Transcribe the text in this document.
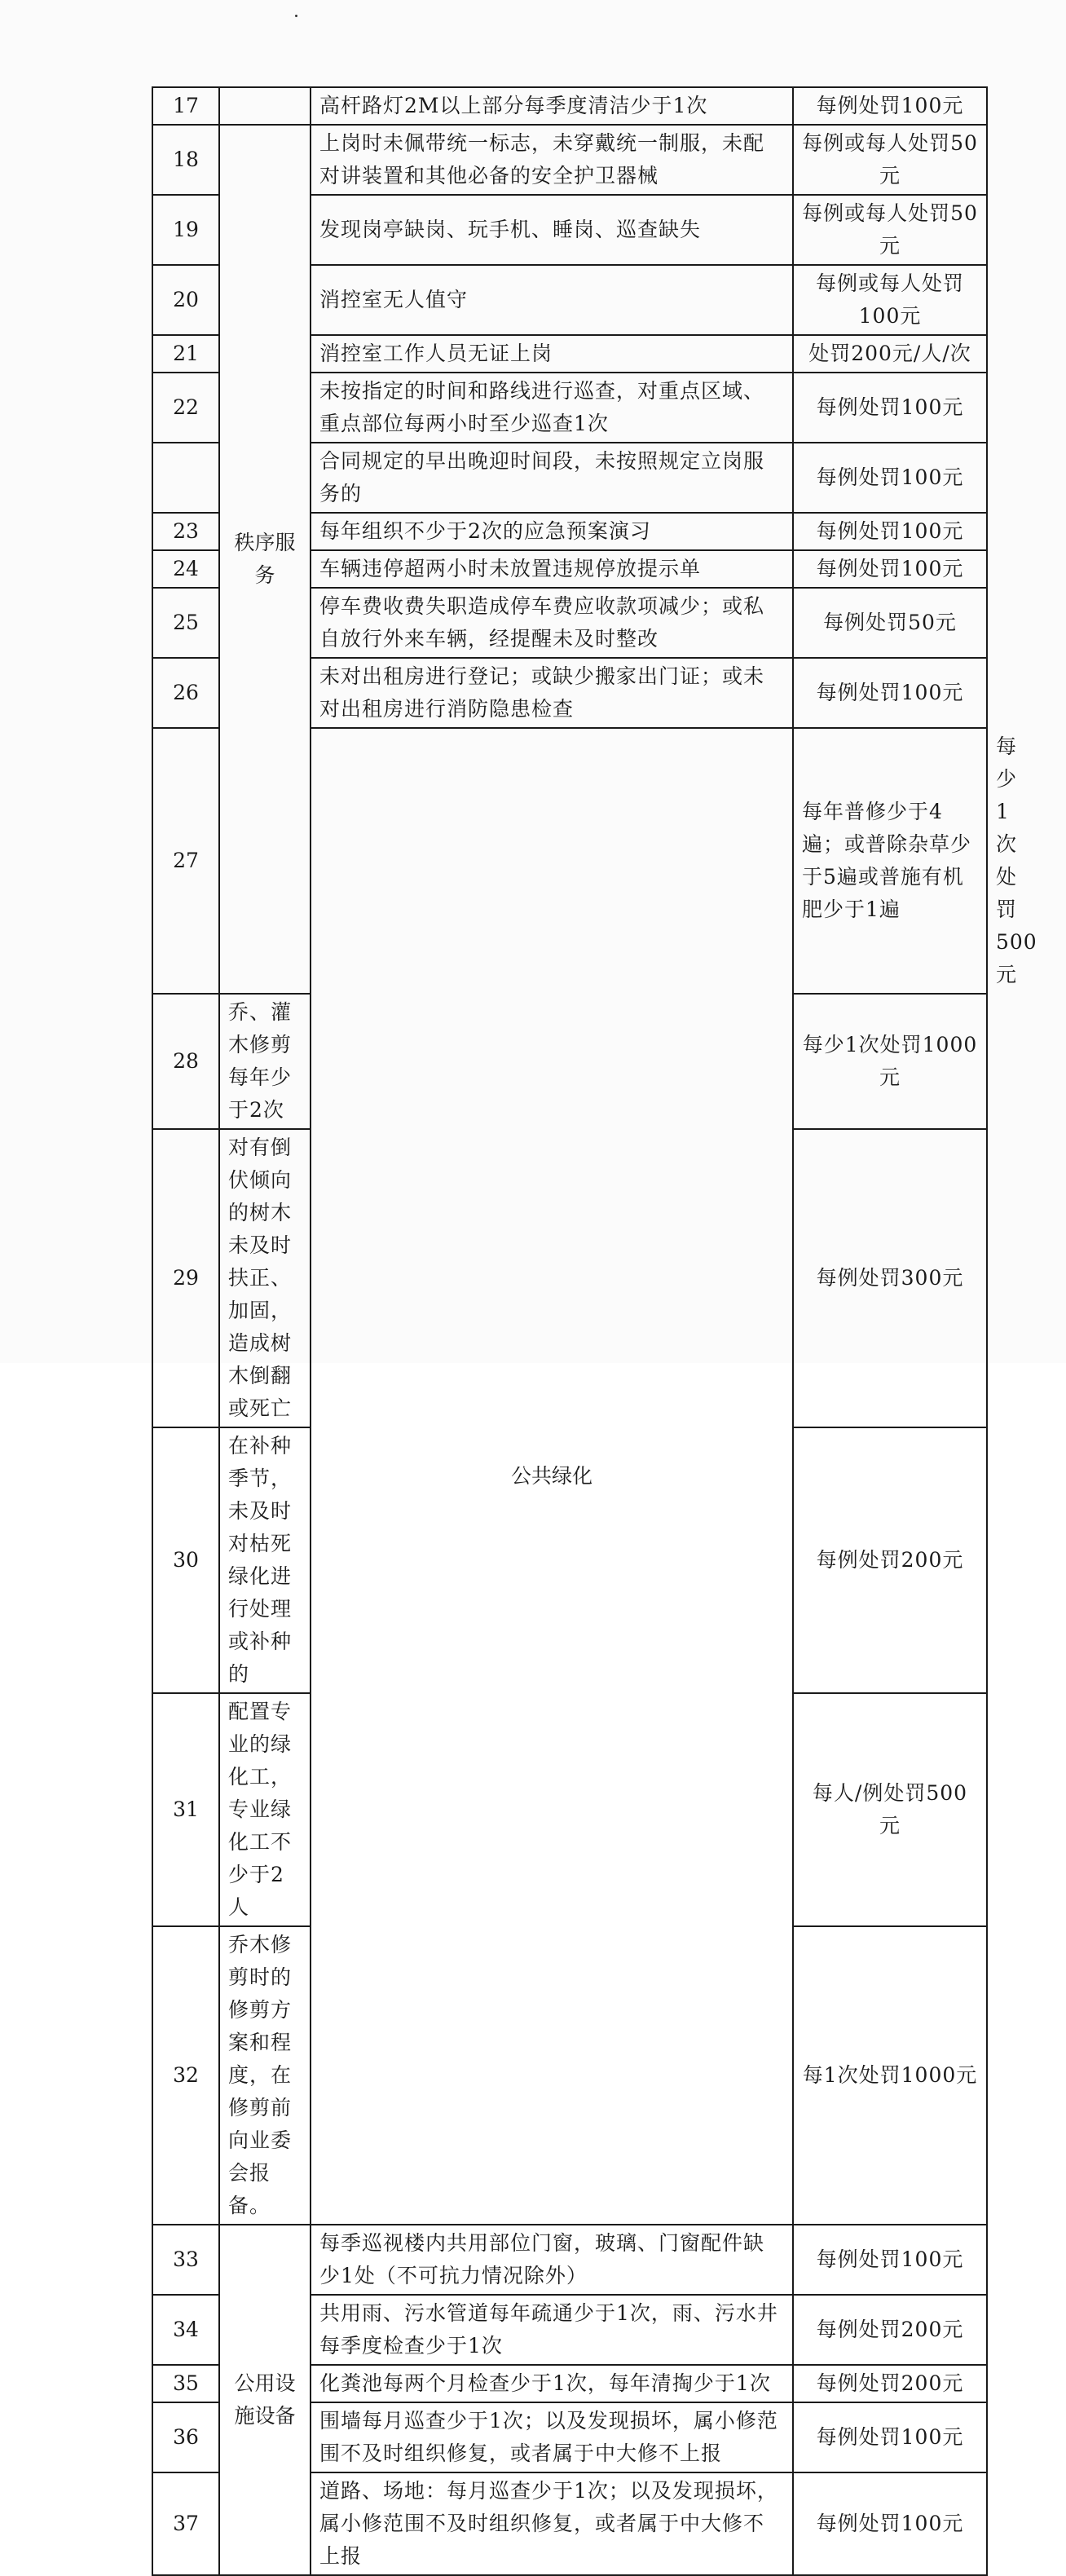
17		高杆路灯2M以上部分每季度清洁少于1次	每例处罚100元	
18	秩序服务	上岗时未佩带统一标志，未穿戴统一制服，未配对讲装置和其他必备的安全护卫器械	每例或每人处罚50元	
19		发现岗亭缺岗、玩手机、睡岗、巡查缺失	每例或每人处罚50元	
20		消控室无人值守	每例或每人处罚100元	
21		消控室工作人员无证上岗	处罚200元/人/次	
22		未按指定的时间和路线进行巡查，对重点区域、重点部位每两小时至少巡查1次	每例处罚100元	
		合同规定的早出晚迎时间段，未按照规定立岗服务的	每例处罚100元	
23		每年组织不少于2次的应急预案演习	每例处罚100元	
24		车辆违停超两小时未放置违规停放提示单	每例处罚100元	
25		停车费收费失职造成停车费应收款项减少；或私自放行外来车辆，经提醒未及时整改	每例处罚50元	
26		未对出租房进行登记；或缺少搬家出门证；或未对出租房进行消防隐患检查	每例处罚100元	
27		公共绿化	每年普修少于4遍；或普除杂草少于5遍或普施有机肥少于1遍	每少1次处罚500元
28	乔、灌木修剪每年少于2次		每少1次处罚1000元	
29	对有倒伏倾向的树木未及时扶正、加固，造成树木倒翻或死亡		每例处罚300元	
30	在补种季节，未及时对枯死绿化进行处理或补种的		每例处罚200元	
31	配置专业的绿化工，专业绿化工不少于2人		每人/例处罚500元	
32	乔木修剪时的修剪方案和程度，在修剪前向业委会报备。		每1次处罚1000元	
33	公用设施设备	每季巡视楼内共用部位门窗，玻璃、门窗配件缺少1处（不可抗力情况除外）	每例处罚100元	
34		共用雨、污水管道每年疏通少于1次，雨、污水井每季度检查少于1次	每例处罚200元	
35		化粪池每两个月检查少于1次，每年清掏少于1次	每例处罚200元	
36		围墙每月巡查少于1次；以及发现损坏，属小修范围不及时组织修复，或者属于中大修不上报	每例处罚100元	
37		道路、场地：每月巡查少于1次；以及发现损坏，属小修范围不及时组织修复，或者属于中大修不上报	每例处罚100元	
